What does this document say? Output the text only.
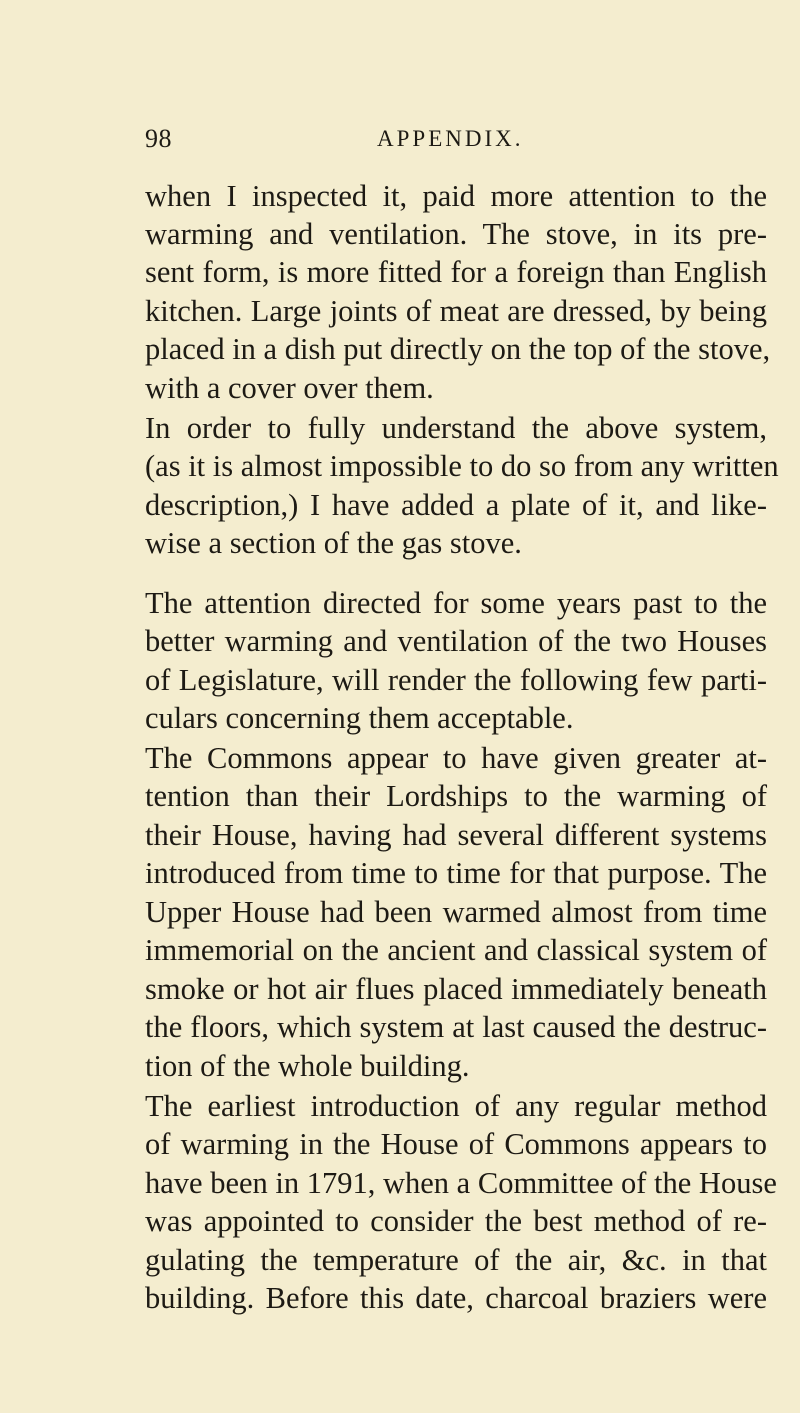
98	APPENDIX.
when I inspected it, paid more attention to the
warming and ventilation. The stove, in its pre-
sent form, is more fitted for a foreign than English
kitchen. Large joints of meat are dressed, by being
placed in a dish put directly on the top of the stove,
with a cover over them.
In order to fully understand the above system,
(as it is almost impossible to do so from any written
description,) I have added a plate of it, and like-
wise a section of the gas stove.
The attention directed for some years past to the
better warming and ventilation of the two Houses
of Legislature, will render the following few parti-
culars concerning them acceptable.
The Commons appear to have given greater at-
tention than their Lordships to the warming of
their House, having had several different systems
introduced from time to time for that purpose. The
Upper House had been warmed almost from time
immemorial on the ancient and classical system of
smoke or hot air flues placed immediately beneath
the floors, which system at last caused the destruc-
tion of the whole building.
The earliest introduction of any regular method
of warming in the House of Commons appears to
have been in 1791, when a Committee of the House
was appointed to consider the best method of re-
gulating the temperature of the air, &c. in that
building. Before this date, charcoal braziers were
